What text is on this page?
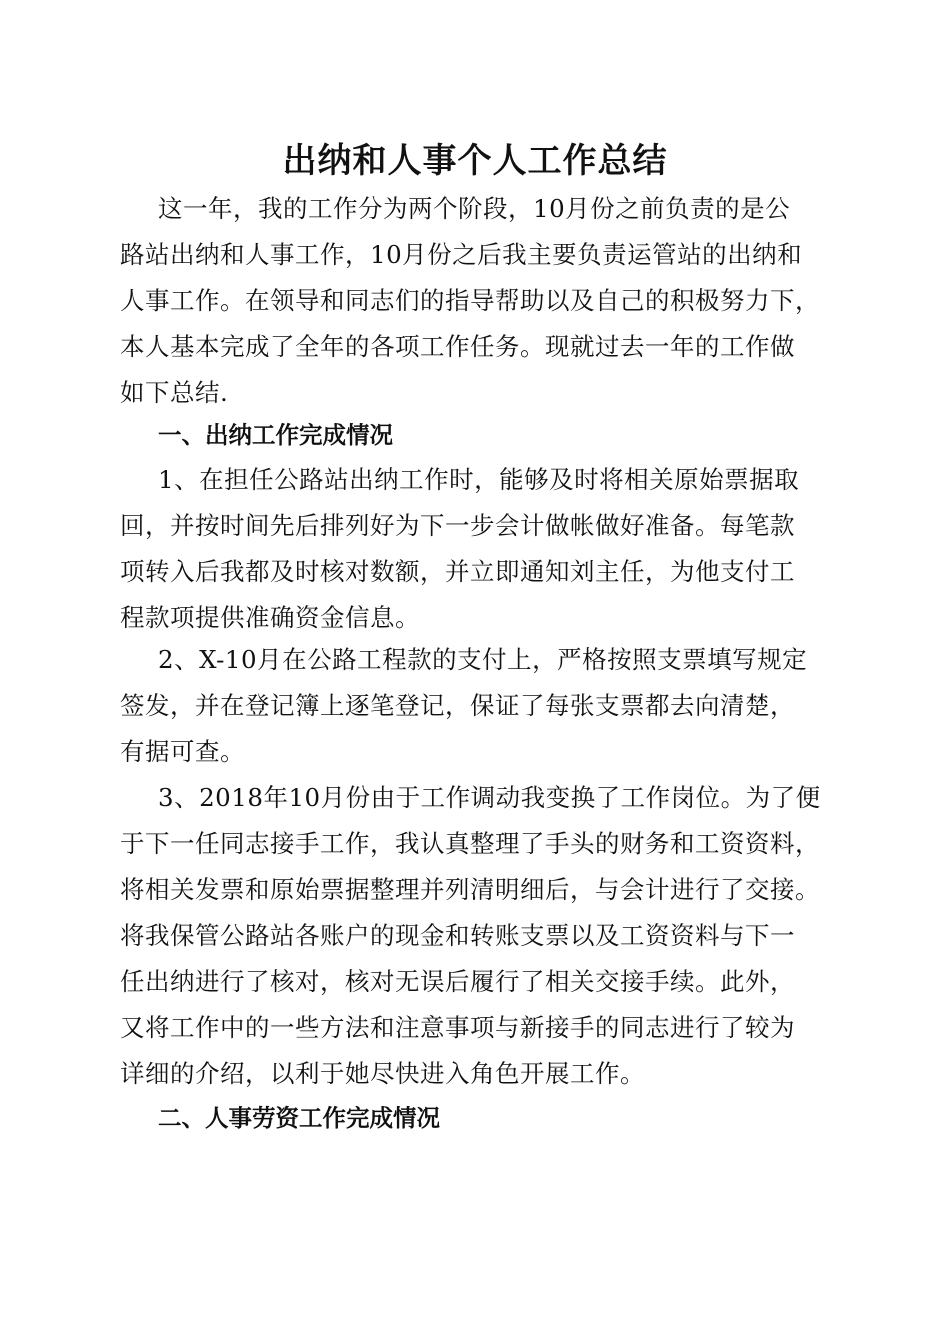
出纳和人事个人工作总结
这一年，我的工作分为两个阶段，10月份之前负责的是公
路站出纳和人事工作，10月份之后我主要负责运管站的出纳和
人事工作。在领导和同志们的指导帮助以及自己的积极努力下，
本人基本完成了全年的各项工作任务。现就过去一年的工作做
如下总结.
一、出纳工作完成情况
1、在担任公路站出纳工作时，能够及时将相关原始票据取
回，并按时间先后排列好为下一步会计做帐做好准备。每笔款
项转入后我都及时核对数额，并立即通知刘主任，为他支付工
程款项提供准确资金信息。
2、X-10月在公路工程款的支付上，严格按照支票填写规定
签发，并在登记簿上逐笔登记，保证了每张支票都去向清楚，
有据可查。
3、2018年10月份由于工作调动我变换了工作岗位。为了便
于下一任同志接手工作，我认真整理了手头的财务和工资资料，
将相关发票和原始票据整理并列清明细后，与会计进行了交接。
将我保管公路站各账户的现金和转账支票以及工资资料与下一
任出纳进行了核对，核对无误后履行了相关交接手续。此外，
又将工作中的一些方法和注意事项与新接手的同志进行了较为
详细的介绍，以利于她尽快进入角色开展工作。
二、人事劳资工作完成情况
